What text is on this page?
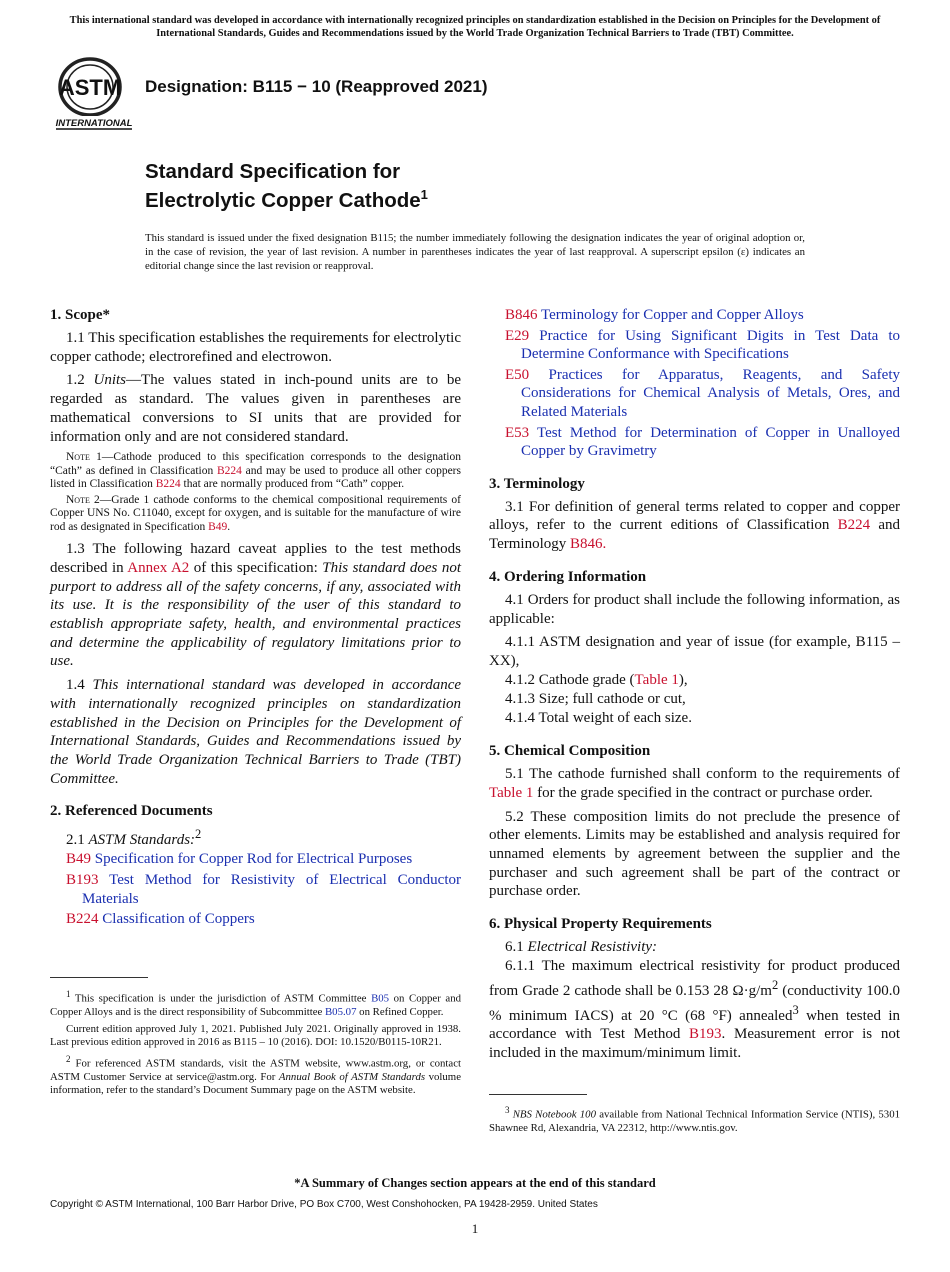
This international standard was developed in accordance with internationally recognized principles on standardization established in the Decision on Principles for the Development of International Standards, Guides and Recommendations issued by the World Trade Organization Technical Barriers to Trade (TBT) Committee.
ASTM
INTERNATIONAL
Designation: B115 − 10 (Reapproved 2021)
Standard Specification for
Electrolytic Copper Cathode$^1$
This standard is issued under the fixed designation B115; the number immediately following the designation indicates the year of original adoption or, in the case of revision, the year of last revision. A number in parentheses indicates the year of last reapproval. A superscript epsilon (ε) indicates an editorial change since the last revision or reapproval.
1. Scope*

1.1 This specification establishes the requirements for electrolytic copper cathode; electrorefined and electrowon.

1.2 Units—The values stated in inch-pound units are to be regarded as standard. The values given in parentheses are mathematical conversions to SI units that are provided for information only and are not considered standard.

Note 1—Cathode produced to this specification corresponds to the designation “Cath” as defined in Classification B224 and may be used to produce all other coppers listed in Classification B224 that are normally produced from “Cath” copper.
Note 2—Grade 1 cathode conforms to the chemical compositional requirements of Copper UNS No. C11040, except for oxygen, and is suitable for the manufacture of wire rod as designated in Specification B49.

1.3 The following hazard caveat applies to the test methods described in Annex A2 of this specification: This standard does not purport to address all of the safety concerns, if any, associated with its use. It is the responsibility of the user of this standard to establish appropriate safety, health, and environmental practices and determine the applicability of regulatory limitations prior to use.

1.4 This international standard was developed in accordance with internationally recognized principles on standardization established in the Decision on Principles for the Development of International Standards, Guides and Recommendations issued by the World Trade Organization Technical Barriers to Trade (TBT) Committee.

2. Referenced Documents

2.1 ASTM Standards:$^2$

B49 Specification for Copper Rod for Electrical Purposes
B193 Test Method for Resistivity of Electrical Conductor Materials
B224 Classification of Coppers
$^1$ This specification is under the jurisdiction of ASTM Committee B05 on Copper and Copper Alloys and is the direct responsibility of Subcommittee B05.07 on Refined Copper.
Current edition approved July 1, 2021. Published July 2021. Originally approved in 1938. Last previous edition approved in 2016 as B115 – 10 (2016). DOI: 10.1520/B0115-10R21.
$^2$ For referenced ASTM standards, visit the ASTM website, www.astm.org, or contact ASTM Customer Service at service@astm.org. For Annual Book of ASTM Standards volume information, refer to the standard’s Document Summary page on the ASTM website.
B846 Terminology for Copper and Copper Alloys
E29 Practice for Using Significant Digits in Test Data to Determine Conformance with Specifications
E50 Practices for Apparatus, Reagents, and Safety Considerations for Chemical Analysis of Metals, Ores, and Related Materials
E53 Test Method for Determination of Copper in Unalloyed Copper by Gravimetry
3. Terminology

3.1 For definition of general terms related to copper and copper alloys, refer to the current editions of Classification B224 and Terminology B846.

4. Ordering Information

4.1 Orders for product shall include the following information, as applicable:

4.1.1 ASTM designation and year of issue (for example, B115 – XX),

4.1.2 Cathode grade (Table 1),

4.1.3 Size; full cathode or cut,

4.1.4 Total weight of each size.

5. Chemical Composition

5.1 The cathode furnished shall conform to the requirements of Table 1 for the grade specified in the contract or purchase order.

5.2 These composition limits do not preclude the presence of other elements. Limits may be established and analysis required for unnamed elements by agreement between the supplier and the purchaser and such agreement shall be part of the contract or purchase order.

6. Physical Property Requirements

6.1 Electrical Resistivity:

6.1.1 The maximum electrical resistivity for product produced from Grade 2 cathode shall be 0.153 28 $\Omega\cdot g/m^2$ (conductivity 100.0 % minimum IACS) at 20 °C (68 °F) annealed$^3$ when tested in accordance with Test Method B193. Measurement error is not included in the maximum/minimum limit.

$^3$ NBS Notebook 100 available from National Technical Information Service (NTIS), 5301 Shawnee Rd, Alexandria, VA 22312, http://www.ntis.gov.
*A Summary of Changes section appears at the end of this standard
Copyright © ASTM International, 100 Barr Harbor Drive, PO Box C700, West Conshohocken, PA 19428-2959. United States
1
